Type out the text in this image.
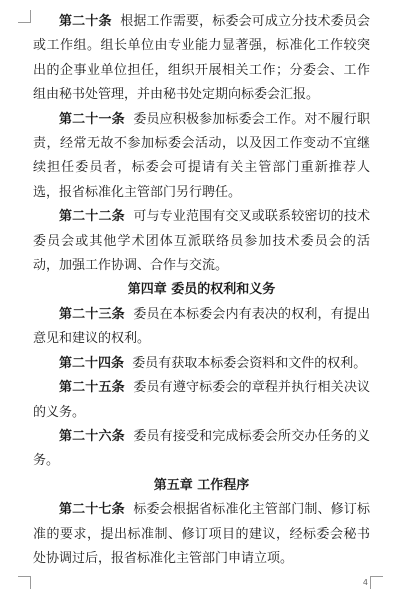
第二十条 根据工作需要，标委会可成立分技术委员会或工作组。组长单位由专业能力显著强，标准化工作较突出的企事业单位担任，组织开展相关工作；分委会、工作组由秘书处管理，并由秘书处定期向标委会汇报。

第二十一条 委员应积极参加标委会工作。对不履行职责，经常无故不参加标委会活动，以及因工作变动不宜继续担任委员者，标委会可提请有关主管部门重新推荐人选，报省标准化主管部门另行聘任。

第二十二条 可与专业范围有交叉或联系较密切的技术委员会或其他学术团体互派联络员参加技术委员会的活动，加强工作协调、合作与交流。

第四章 委员的权利和义务

第二十三条 委员在本标委会内有表决的权利，有提出意见和建议的权利。

第二十四条 委员有获取本标委会资料和文件的权利。

第二十五条 委员有遵守标委会的章程并执行相关决议的义务。

第二十六条 委员有接受和完成标委会所交办任务的义务。

第五章 工作程序

第二十七条 标委会根据省标准化主管部门制、修订标准的要求，提出标准制、修订项目的建议，经标委会秘书处协调过后，报省标准化主管部门申请立项。

4
